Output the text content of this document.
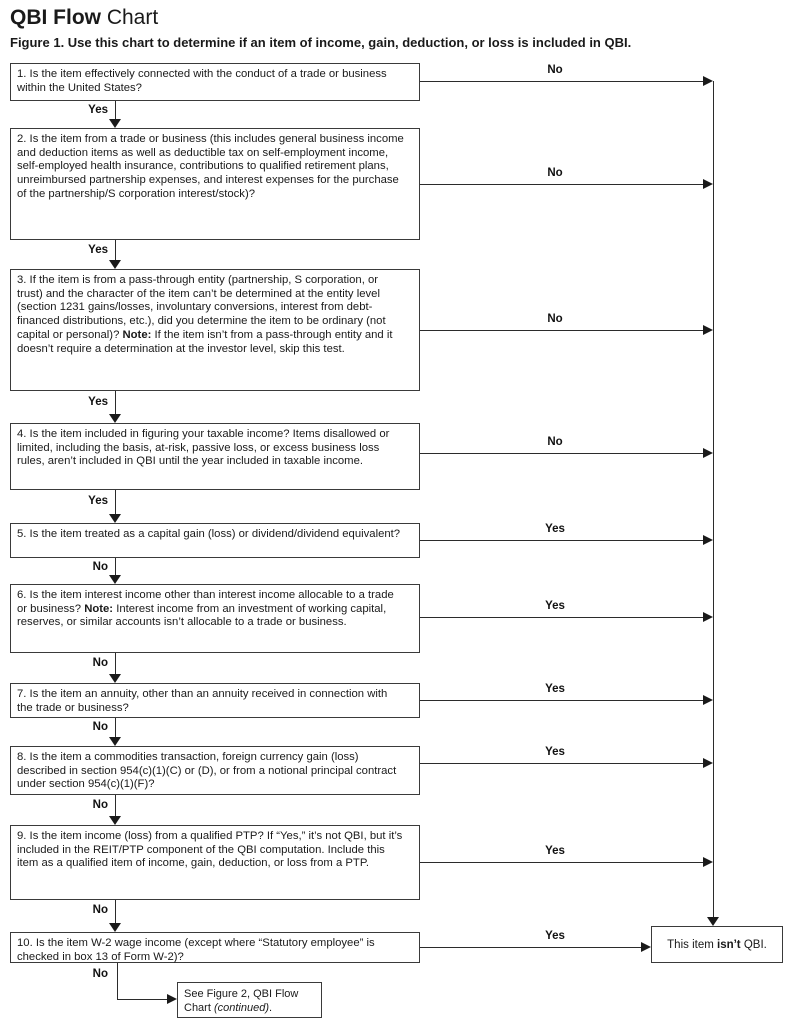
QBI Flow Chart
Figure 1. Use this chart to determine if an item of income, gain, deduction, or loss is included in QBI.
1. Is the item effectively connected with the conduct of a trade or business within the United States?
2. Is the item from a trade or business (this includes general business income and deduction items as well as deductible tax on self-employment income, self-employed health insurance, contributions to qualified retirement plans, unreimbursed partnership expenses, and interest expenses for the purchase of the partnership/S corporation interest/stock)?
3. If the item is from a pass-through entity (partnership, S corporation, or trust) and the character of the item can’t be determined at the entity level (section 1231 gains/losses, involuntary conversions, interest from debt-financed distributions, etc.), did you determine the item to be ordinary (not capital or personal)? Note: If the item isn’t from a pass-through entity and it doesn’t require a determination at the investor level, skip this test.
4. Is the item included in figuring your taxable income? Items disallowed or limited, including the basis, at-risk, passive loss, or excess business loss rules, aren’t included in QBI until the year included in taxable income.
5. Is the item treated as a capital gain (loss) or dividend/dividend equivalent?
6. Is the item interest income other than interest income allocable to a trade or business? Note: Interest income from an investment of working capital, reserves, or similar accounts isn’t allocable to a trade or business.
7. Is the item an annuity, other than an annuity received in connection with the trade or business?
8. Is the item a commodities transaction, foreign currency gain (loss) described in section 954(c)(1)(C) or (D), or from a notional principal contract under section 954(c)(1)(F)?
9. Is the item income (loss) from a qualified PTP? If “Yes,” it’s not QBI, but it’s included in the REIT/PTP component of the QBI computation. Include this item as a qualified item of income, gain, deduction, or loss from a PTP.
10. Is the item W-2 wage income (except where “Statutory employee” is checked in box 13 of Form W-2)?
This item isn’t QBI.
See Figure 2, QBI Flow Chart (continued).
No
No
No
No
Yes
Yes
Yes
Yes
Yes
Yes
Yes
Yes
Yes
Yes
No
No
No
No
No
No
